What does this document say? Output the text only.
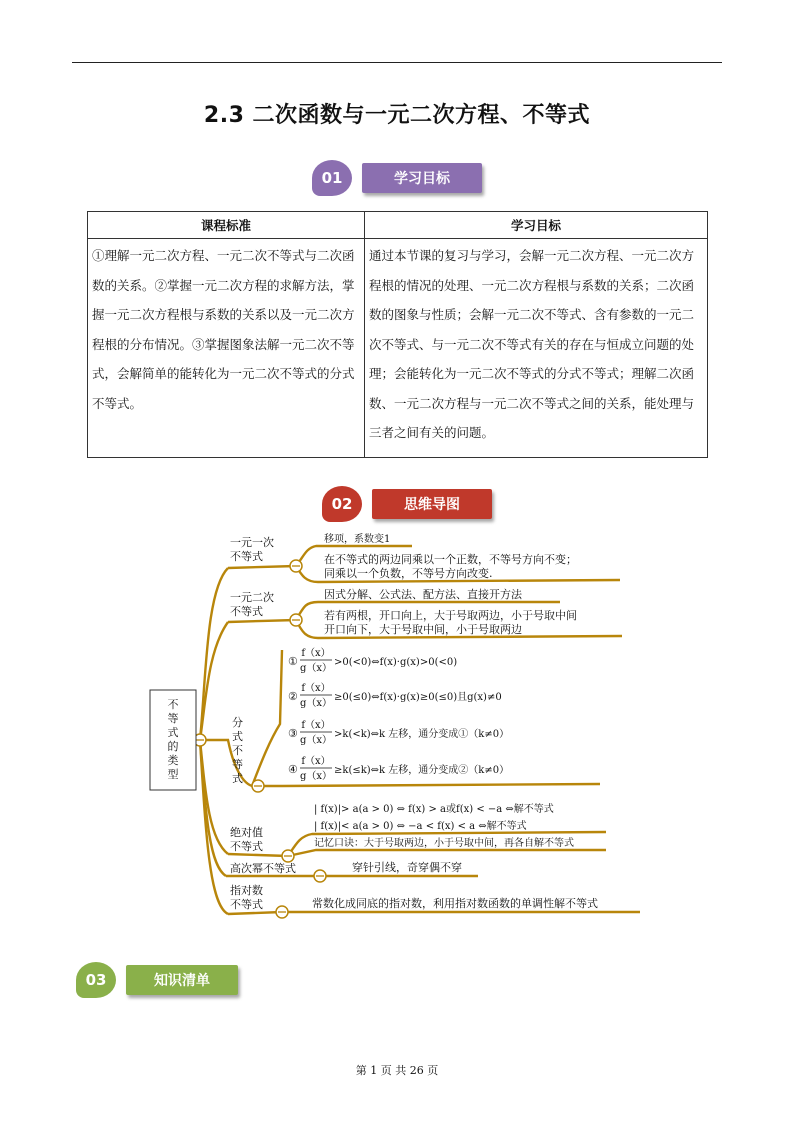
2.3 二次函数与一元二次方程、不等式
01	学习目标
课程标准	学习目标
①理解一元二次方程、一元二次不等式与二次函数的关系。②掌握一元二次方程的求解方法，掌握一元二次方程根与系数的关系以及一元二次方程根的分布情况。③掌握图象法解一元二次不等式，会解简单的能转化为一元二次不等式的分式不等式。	通过本节课的复习与学习，会解一元二次方程、一元二次方程根的情况的处理、一元二次方程根与系数的关系；二次函数的图象与性质；会解一元二次不等式、含有参数的一元二次不等式、与一元二次不等式有关的存在与恒成立问题的处理；会能转化为一元二次不等式的分式不等式；理解二次函数、一元二次方程与一元二次不等式之间的关系，能处理与三者之间有关的问题。
02	思维导图
不
等
式
的
类
型
一元一次
不等式
一元二次
不等式
分
式
不
等
式
绝对值
不等式
高次幂不等式
指对数
不等式
移项，系数变1
在不等式的两边同乘以一个正数，不等号方向不变；
同乘以一个负数，不等号方向改变.
因式分解、公式法、配方法、直接开方法
若有两根，开口向上，大于号取两边，小于号取中间
开口向下，大于号取中间，小于号取两边
①
f（x）
g（x）
>0(<0)⇔f(x)·g(x)>0(<0)
②
f（x）
g（x）
≥0(≤0)⇔f(x)·g(x)≥0(≤0)且g(x)≠0
③
f（x）
g（x）
>k(<k)⇔k 左移，通分变成①（k≠0）
④
f（x）
g（x）
≥k(≤k)⇔k 左移，通分变成②（k≠0）
| f(x)|> a(a > 0) ⇔ f(x) > a或f(x) < −a ⇔解不等式
| f(x)|< a(a > 0) ⇔ −a < f(x) < a ⇔解不等式
记忆口诀：大于号取两边，小于号取中间，再各自解不等式
穿针引线，奇穿偶不穿
常数化成同底的指对数，利用指对数函数的单调性解不等式
03	知识清单
第 1 页 共 26 页
